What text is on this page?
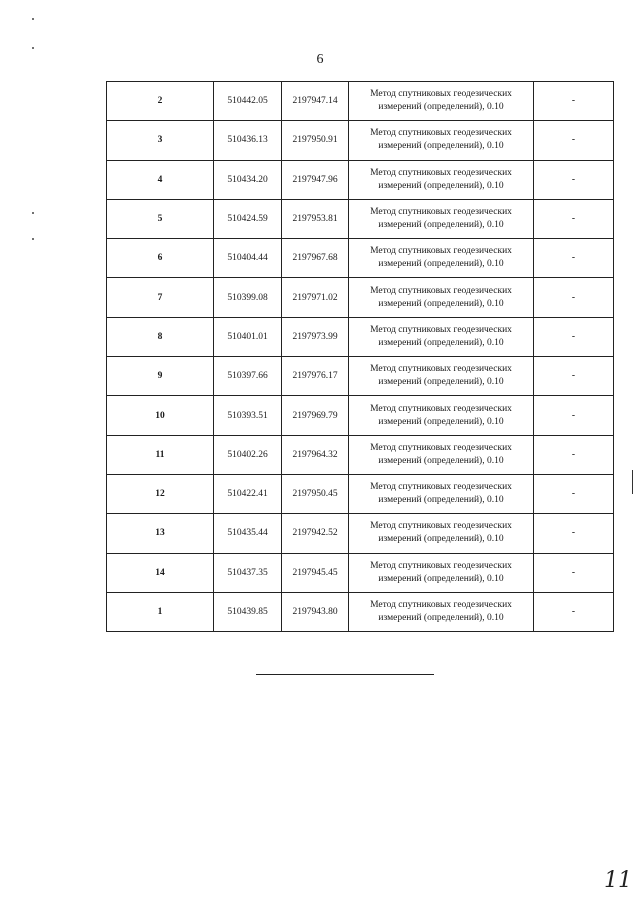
6
2	510442.05	2197947.14	Метод спутниковых геодезических
измерений (определений), 0.10	-
3	510436.13	2197950.91	Метод спутниковых геодезических
измерений (определений), 0.10	-
4	510434.20	2197947.96	Метод спутниковых геодезических
измерений (определений), 0.10	-
5	510424.59	2197953.81	Метод спутниковых геодезических
измерений (определений), 0.10	-
6	510404.44	2197967.68	Метод спутниковых геодезических
измерений (определений), 0.10	-
7	510399.08	2197971.02	Метод спутниковых геодезических
измерений (определений), 0.10	-
8	510401.01	2197973.99	Метод спутниковых геодезических
измерений (определений), 0.10	-
9	510397.66	2197976.17	Метод спутниковых геодезических
измерений (определений), 0.10	-
10	510393.51	2197969.79	Метод спутниковых геодезических
измерений (определений), 0.10	-
11	510402.26	2197964.32	Метод спутниковых геодезических
измерений (определений), 0.10	-
12	510422.41	2197950.45	Метод спутниковых геодезических
измерений (определений), 0.10	-
13	510435.44	2197942.52	Метод спутниковых геодезических
измерений (определений), 0.10	-
14	510437.35	2197945.45	Метод спутниковых геодезических
измерений (определений), 0.10	-
1	510439.85	2197943.80	Метод спутниковых геодезических
измерений (определений), 0.10	-
11
